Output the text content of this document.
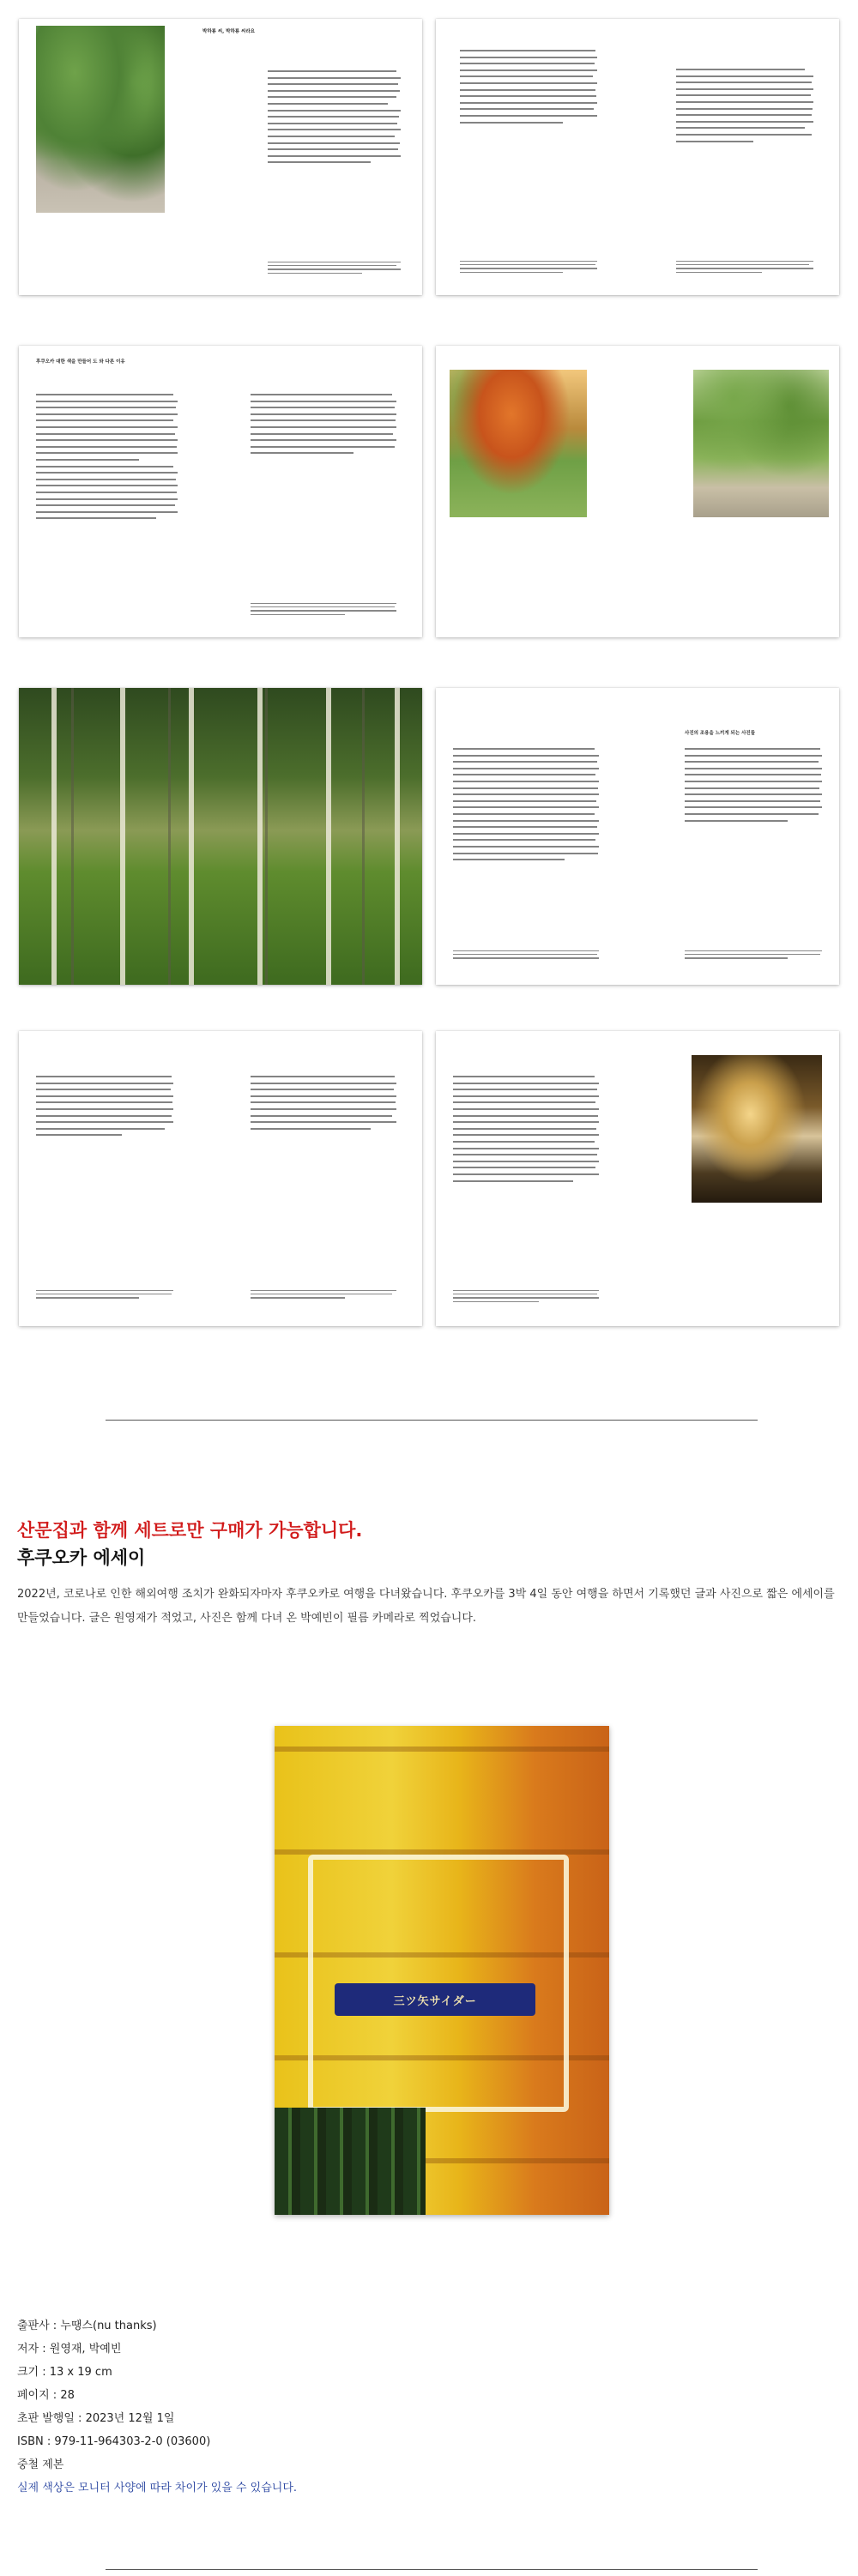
박하룡 씨, 박하룡 씨라요
후쿠오카 대한 색을 만들어 도 와 다른 이유
사진의 조용을 느끼게 되는 사진들
산문집과 함께 세트로만 구매가 가능합니다.
후쿠오카 에세이
2022년, 코로나로 인한 해외여행 조치가 완화되자마자 후쿠오카로 여행을 다녀왔습니다. 후쿠오카를 3박 4일 동안 여행을 하면서 기록했던 글과 사진으로 짧은 에세이를 만들었습니다. 글은 원영재가 적었고, 사진은 함께 다녀 온 박예빈이 필름 카메라로 찍었습니다.
三ツ矢サイダー
출판사 : 누땡스(nu thanks)
저자 : 원영재, 박예빈
크기 : 13 x 19 cm
페이지 : 28
초판 발행일 : 2023년 12월 1일
ISBN : 979-11-964303-2-0 (03600)
중철 제본
실제 색상은 모니터 사양에 따라 차이가 있을 수 있습니다.
